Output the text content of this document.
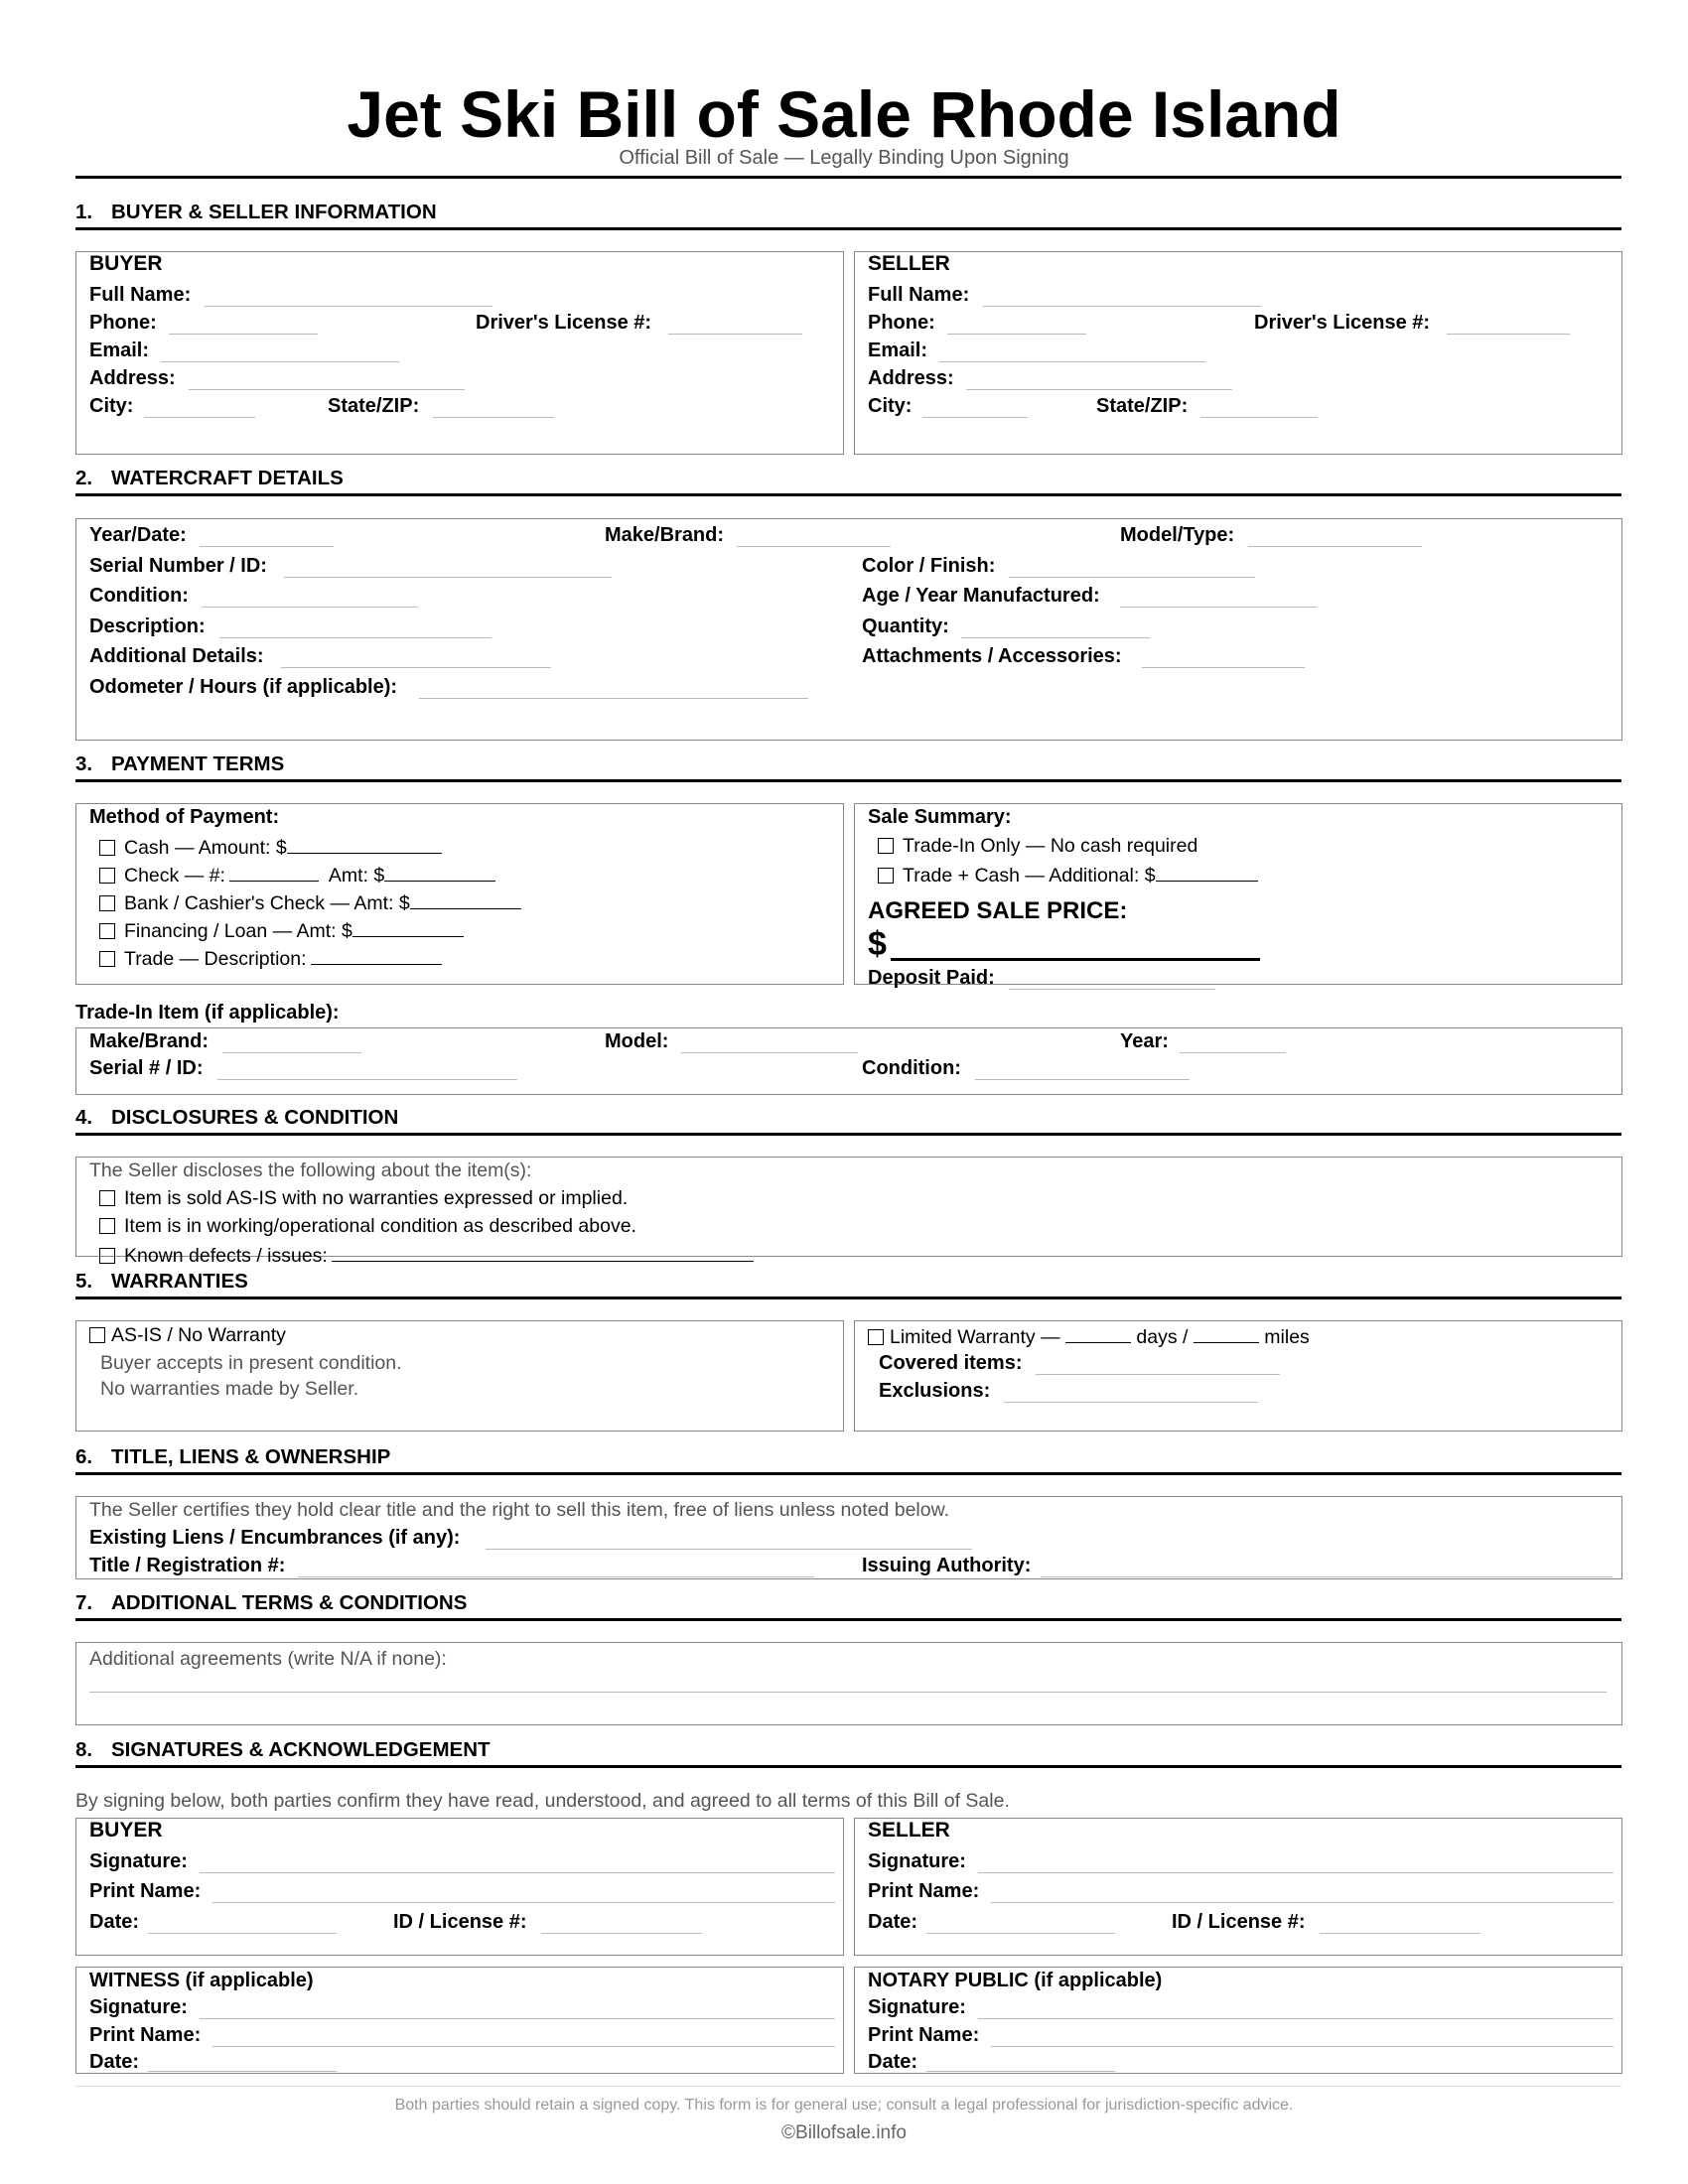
Jet Ski Bill of Sale Rhode Island
Official Bill of Sale — Legally Binding Upon Signing
1. BUYER & SELLER INFORMATION
BUYER
Full Name:
Phone:	Driver's License #:
Email:
Address:
City:	State/ZIP:
SELLER
Full Name:
Phone:	Driver's License #:
Email:
Address:
City:	State/ZIP:
2. WATERCRAFT DETAILS
Year/Date:	Make/Brand:	Model/Type:
Serial Number / ID:	Color / Finish:
Condition:	Age / Year Manufactured:
Description:	Quantity:
Additional Details:	Attachments / Accessories:
Odometer / Hours (if applicable):
3. PAYMENT TERMS
Method of Payment:
Cash — Amount: $
Check — #:	Amt: $
Bank / Cashier's Check — Amt: $
Financing / Loan — Amt: $
Trade — Description:
Sale Summary:
Trade-In Only — No cash required
Trade + Cash — Additional: $
AGREED SALE PRICE:
$
Deposit Paid:
Trade-In Item (if applicable):
Make/Brand:	Model:	Year:
Serial # / ID:	Condition:
4. DISCLOSURES & CONDITION
The Seller discloses the following about the item(s):
Item is sold AS-IS with no warranties expressed or implied.
Item is in working/operational condition as described above.
Known defects / issues:
5. WARRANTIES
AS-IS / No Warranty
Buyer accepts in present condition.
No warranties made by Seller.
Limited Warranty —	days /	miles
Covered items:
Exclusions:
6. TITLE, LIENS & OWNERSHIP
The Seller certifies they hold clear title and the right to sell this item, free of liens unless noted below.
Existing Liens / Encumbrances (if any):
Title / Registration #:	Issuing Authority:
7. ADDITIONAL TERMS & CONDITIONS
Additional agreements (write N/A if none):
8. SIGNATURES & ACKNOWLEDGEMENT
By signing below, both parties confirm they have read, understood, and agreed to all terms of this Bill of Sale.
BUYER
Signature:
Print Name:
Date:	ID / License #:
SELLER
Signature:
Print Name:
Date:	ID / License #:
WITNESS (if applicable)
Signature:
Print Name:
Date:
NOTARY PUBLIC (if applicable)
Signature:
Print Name:
Date:
Both parties should retain a signed copy. This form is for general use; consult a legal professional for jurisdiction-specific advice.
©Billofsale.info
